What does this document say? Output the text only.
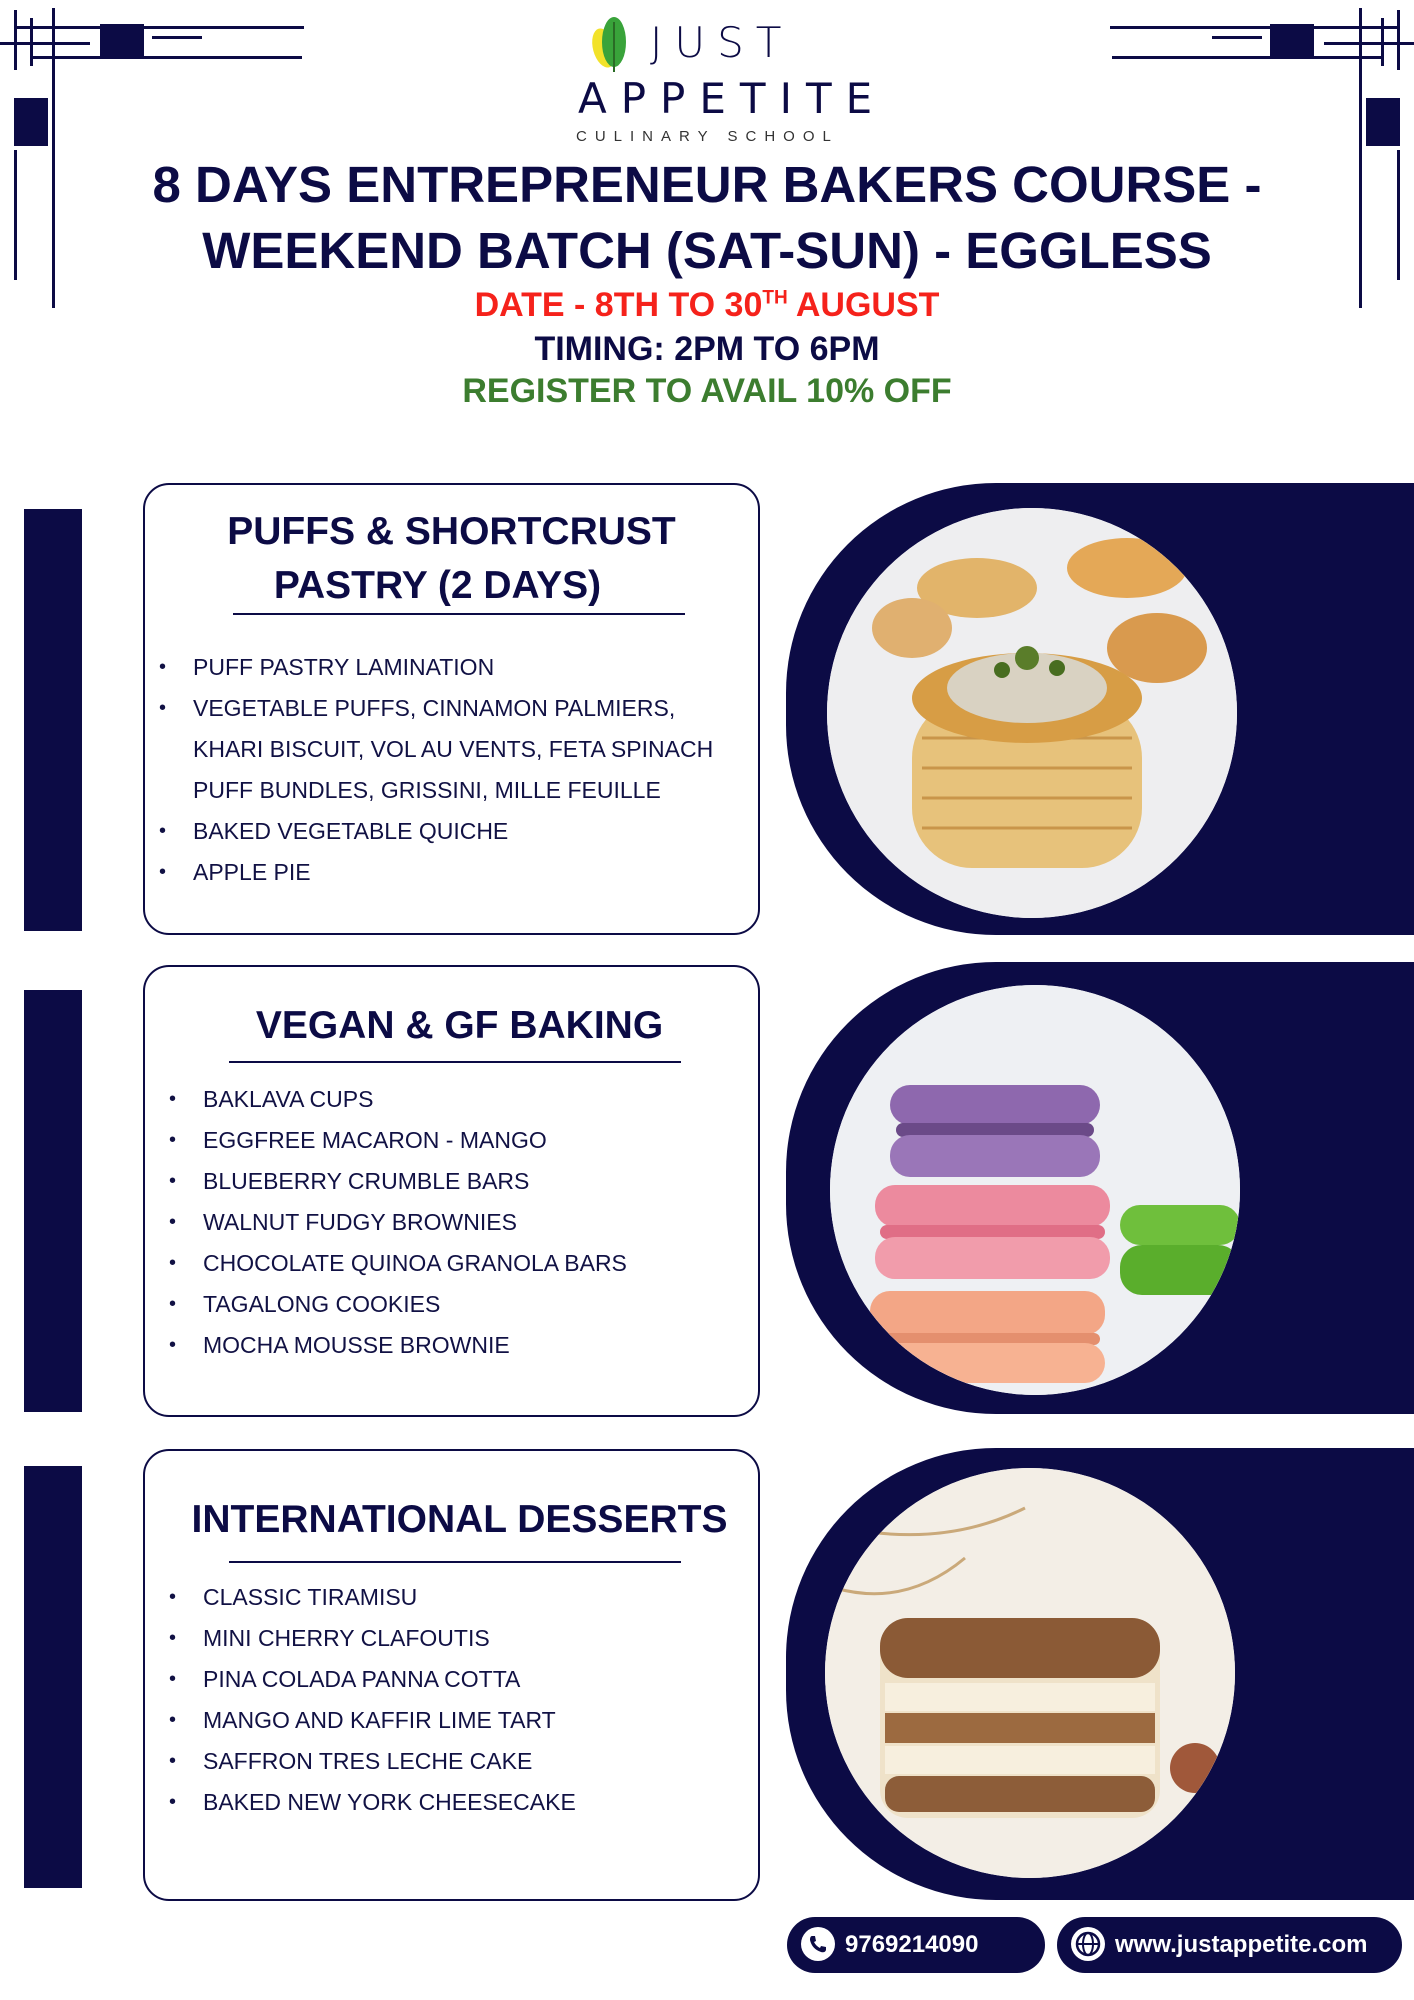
JUST
APPETITE
CULINARY SCHOOL
8 DAYS ENTREPRENEUR BAKERS COURSE -
WEEKEND BATCH (SAT-SUN) - EGGLESS
DATE - 8TH TO 30TH AUGUST
TIMING: 2PM TO 6PM
REGISTER TO AVAIL 10% OFF
PUFFS & SHORTCRUST
PASTRY (2 DAYS)
• PUFF PASTRY LAMINATION
• VEGETABLE PUFFS, CINNAMON PALMIERS, KHARI BISCUIT, VOL AU VENTS, FETA SPINACH PUFF BUNDLES, GRISSINI, MILLE FEUILLE
• BAKED VEGETABLE QUICHE
• APPLE PIE
VEGAN & GF BAKING
• BAKLAVA CUPS
• EGGFREE MACARON - MANGO
• BLUEBERRY CRUMBLE BARS
• WALNUT FUDGY BROWNIES
• CHOCOLATE QUINOA GRANOLA BARS
• TAGALONG COOKIES
• MOCHA MOUSSE BROWNIE
INTERNATIONAL DESSERTS
• CLASSIC TIRAMISU
• MINI CHERRY CLAFOUTIS
• PINA COLADA PANNA COTTA
• MANGO AND KAFFIR LIME TART
• SAFFRON TRES LECHE CAKE
• BAKED NEW YORK CHEESECAKE
9769214090	www.justappetite.com
